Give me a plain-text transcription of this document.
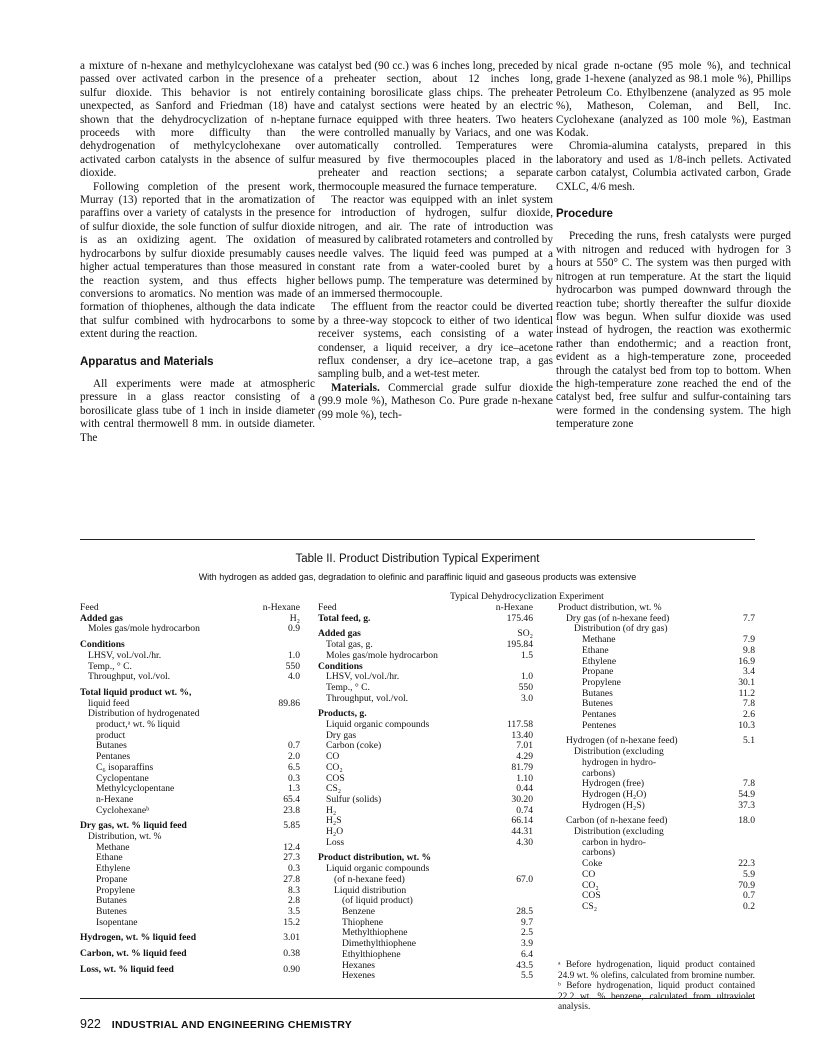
a mixture of n-hexane and methylcyclohexane was passed over activated carbon in the presence of sulfur dioxide. This behavior is not entirely unexpected, as Sanford and Friedman (18) have shown that the dehydrocyclization of n-heptane proceeds with more difficulty than the dehydrogenation of methylcyclohexane over activated carbon catalysts in the absence of sulfur dioxide.

Following completion of the present work, Murray (13) reported that in the aromatization of paraffins over a variety of catalysts in the presence of sulfur dioxide, the sole function of sulfur dioxide is as an oxidizing agent. The oxidation of hydrocarbons by sulfur dioxide presumably causes higher actual temperatures than those measured in the reaction system, and thus effects higher conversions to aromatics. No mention was made of formation of thiophenes, although the data indicate that sulfur combined with hydrocarbons to some extent during the reaction.

Apparatus and Materials

All experiments were made at atmospheric pressure in a glass reactor consisting of a borosilicate glass tube of 1 inch in inside diameter with central thermowell 8 mm. in outside diameter. The

catalyst bed (90 cc.) was 6 inches long, preceded by a preheater section, about 12 inches long, containing borosilicate glass chips. The preheater and catalyst sections were heated by an electric furnace equipped with three heaters. Two heaters were controlled manually by Variacs, and one was automatically controlled. Temperatures were measured by five thermocouples placed in the preheater and reaction sections; a separate thermocouple measured the furnace temperature.

The reactor was equipped with an inlet system for introduction of hydrogen, sulfur dioxide, nitrogen, and air. The rate of introduction was measured by calibrated rotameters and controlled by needle valves. The liquid feed was pumped at a constant rate from a water-cooled buret by a bellows pump. The temperature was determined by an immersed thermocouple.

The effluent from the reactor could be diverted by a three-way stopcock to either of two identical receiver systems, each consisting of a water condenser, a liquid receiver, a dry ice–acetone reflux condenser, a dry ice–acetone trap, a gas sampling bulb, and a wet-test meter.

Materials. Commercial grade sulfur dioxide (99.9 mole %), Matheson Co. Pure grade n-hexane (99 mole %), tech-

nical grade n-octane (95 mole %), and technical grade 1-hexene (analyzed as 98.1 mole %), Phillips Petroleum Co. Ethylbenzene (analyzed as 95 mole %), Matheson, Coleman, and Bell, Inc. Cyclohexane (analyzed as 100 mole %), Eastman Kodak.

Chromia-alumina catalysts, prepared in this laboratory and used as 1/8-inch pellets. Activated carbon catalyst, Columbia activated carbon, Grade CXLC, 4/6 mesh.

Procedure

Preceding the runs, fresh catalysts were purged with nitrogen and reduced with hydrogen for 3 hours at 550° C. The system was then purged with nitrogen at run temperature. At the start the liquid hydrocarbon was pumped downward through the reaction tube; shortly thereafter the sulfur dioxide flow was begun. When sulfur dioxide was used instead of hydrogen, the reaction was exothermic rather than endothermic; and a reaction front, evident as a high-temperature zone, proceeded through the catalyst bed from top to bottom. When the high-temperature zone reached the end of the catalyst bed, free sulfur and sulfur-containing tars were formed in the condensing system. The high temperature zone

Table II. Product Distribution Typical Experiment
With hydrogen as added gas, degradation to olefinic and paraffinic liquid and gaseous products was extensive
Typical Dehydrocyclization Experiment
Feed	n-Hexane
Added gas	H₂
Moles gas/mole hydrocarbon	0.9
Conditions
LHSV, vol./vol./hr.	1.0
Temp., ° C.	550
Throughput, vol./vol.	4.0
Total liquid product wt. %,
liquid feed	89.86
Distribution of hydrogenated
product,ᵃ wt. % liquid
product
Butanes	0.7
Pentanes	2.0
C₆ isoparaffins	6.5
Cyclopentane	0.3
Methylcyclopentane	1.3
n-Hexane	65.4
Cyclohexaneᵇ	23.8
Dry gas, wt. % liquid feed	5.85
Distribution, wt. %
Methane	12.4
Ethane	27.3
Ethylene	0.3
Propane	27.8
Propylene	8.3
Butanes	2.8
Butenes	3.5
Isopentane	15.2
Hydrogen, wt. % liquid feed	3.01
Carbon, wt. % liquid feed	0.38
Loss, wt. % liquid feed	0.90
Feed	n-Hexane
Total feed, g.	175.46
Added gas	SO₂
Total gas, g.	195.84
Moles gas/mole hydrocarbon	1.5
Conditions
LHSV, vol./vol./hr.	1.0
Temp., ° C.	550
Throughput, vol./vol.	3.0
Products, g.
Liquid organic compounds	117.58
Dry gas	13.40
Carbon (coke)	7.01
CO	4.29
CO₂	81.79
COS	1.10
CS₂	0.44
Sulfur (solids)	30.20
H₂	0.74
H₂S	66.14
H₂O	44.31
Loss	4.30
Product distribution, wt. %
Liquid organic compounds
(of n-hexane feed)	67.0
Liquid distribution
(of liquid product)
Benzene	28.5
Thiophene	9.7
Methylthiophene	2.5
Dimethylthiophene	3.9
Ethylthiophene	6.4
Hexanes	43.5
Hexenes	5.5
Product distribution, wt. %
Dry gas (of n-hexane feed)	7.7
Distribution (of dry gas)
Methane	7.9
Ethane	9.8
Ethylene	16.9
Propane	3.4
Propylene	30.1
Butanes	11.2
Butenes	7.8
Pentanes	2.6
Pentenes	10.3
Hydrogen (of n-hexane feed)	5.1
Distribution (excluding
hydrogen in hydro-
carbons)
Hydrogen (free)	7.8
Hydrogen (H₂O)	54.9
Hydrogen (H₂S)	37.3
Carbon (of n-hexane feed)	18.0
Distribution (excluding
carbon in hydro-
carbons)
Coke	22.3
CO	5.9
CO₂	70.9
COS	0.7
CS₂	0.2
ᵃ Before hydrogenation, liquid product contained 24.9 wt. % olefins, calculated from bromine number. ᵇ Before hydrogenation, liquid product contained 22.2 wt. % benzene, calculated from ultraviolet analysis.
922 INDUSTRIAL AND ENGINEERING CHEMISTRY
